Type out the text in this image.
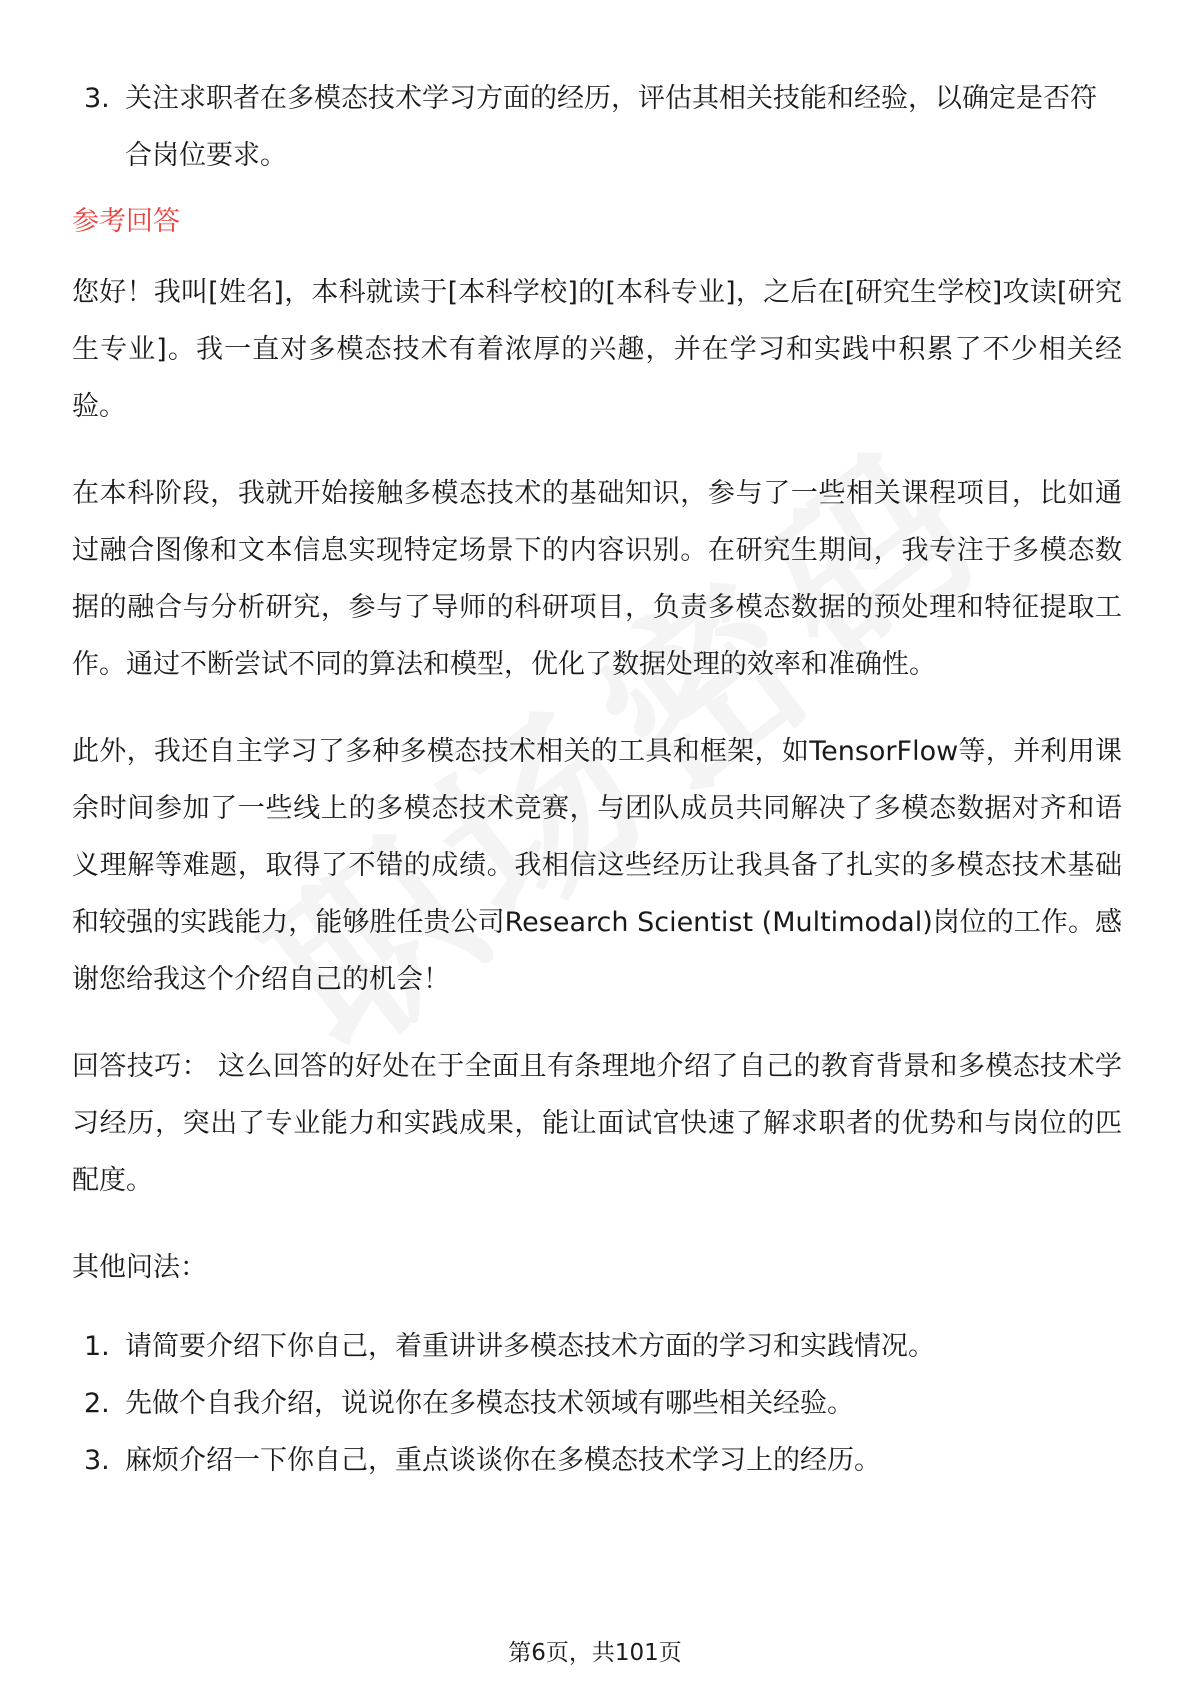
3. 关注求职者在多模态技术学习方面的经历，评估其相关技能和经验，以确定是否符合岗位要求。
参考回答

您好！我叫[姓名]，本科就读于[本科学校]的[本科专业]，之后在[研究生学校]攻读[研究生专业]。我一直对多模态技术有着浓厚的兴趣，并在学习和实践中积累了不少相关经验。

在本科阶段，我就开始接触多模态技术的基础知识，参与了一些相关课程项目，比如通过融合图像和文本信息实现特定场景下的内容识别。在研究生期间，我专注于多模态数据的融合与分析研究，参与了导师的科研项目，负责多模态数据的预处理和特征提取工作。通过不断尝试不同的算法和模型，优化了数据处理的效率和准确性。

此外，我还自主学习了多种多模态技术相关的工具和框架，如TensorFlow等，并利用课余时间参加了一些线上的多模态技术竞赛，与团队成员共同解决了多模态数据对齐和语义理解等难题，取得了不错的成绩。我相信这些经历让我具备了扎实的多模态技术基础和较强的实践能力，能够胜任贵公司Research Scientist (Multimodal)岗位的工作。感谢您给我这个介绍自己的机会！

回答技巧： 这么回答的好处在于全面且有条理地介绍了自己的教育背景和多模态技术学习经历，突出了专业能力和实践成果，能让面试官快速了解求职者的优势和与岗位的匹配度。

其他问法：
1. 请简要介绍下你自己，着重讲讲多模态技术方面的学习和实践情况。
2. 先做个自我介绍，说说你在多模态技术领域有哪些相关经验。
3. 麻烦介绍一下你自己，重点谈谈你在多模态技术学习上的经历。
第6页，共101页
